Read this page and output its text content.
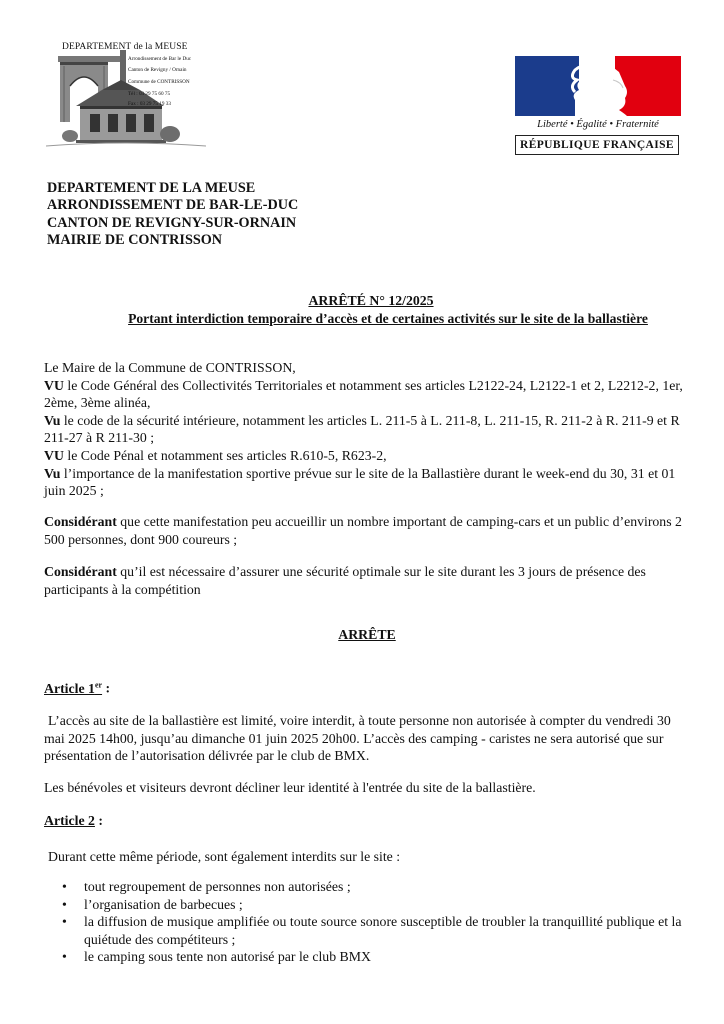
DEPARTEMENT de la MEUSE
Arrondissement de Bar le Duc
Canton de Revigny / Ornain
Commune de CONTRISSON
Tél : 03 29 75 60 75
Fax : 03 29 75 19 33
Liberté • Égalité • Fraternité
RÉPUBLIQUE FRANÇAISE
DEPARTEMENT DE LA MEUSE
ARRONDISSEMENT DE BAR-LE-DUC
CANTON DE REVIGNY-SUR-ORNAIN
MAIRIE DE CONTRISSON
ARRÊTÉ N° 12/2025
Portant interdiction temporaire d’accès et de certaines activités sur le site de la ballastière
Le Maire de la Commune de CONTRISSON,
VU le Code Général des Collectivités Territoriales et notamment ses articles L2122-24, L2122-1 et 2, L2212-2, 1er, 2ème, 3ème alinéa,
Vu le code de la sécurité intérieure, notamment les articles L. 211-5 à L. 211-8, L. 211-15, R. 211-2 à R. 211-9 et R 211-27 à R 211-30 ;
VU le Code Pénal et notamment ses articles R.610-5, R623-2,
Vu l’importance de la manifestation sportive prévue sur le site de la Ballastière durant le week-end du 30, 31 et 01 juin 2025 ;
Considérant que cette manifestation peu accueillir un nombre important de camping-cars et un public d’environs 2 500 personnes, dont 900 coureurs ;
Considérant qu’il est nécessaire d’assurer une sécurité optimale sur le site durant les 3 jours de présence des participants à la compétition
ARRÊTE
Article 1er :
L’accès au site de la ballastière est limité, voire interdit, à toute personne non autorisée à compter du vendredi 30 mai 2025 14h00, jusqu’au dimanche 01 juin 2025 20h00. L’accès des camping - caristes ne sera autorisé que sur présentation de l’autorisation délivrée par le club de BMX.
Les bénévoles et visiteurs devront décliner leur identité à l'entrée du site de la ballastière.
Article 2 :
Durant cette même période, sont également interdits sur le site :
• tout regroupement de personnes non autorisées ;
• l’organisation de barbecues ;
• la diffusion de musique amplifiée ou toute source sonore susceptible de troubler la tranquillité publique et la quiétude des compétiteurs ;
• le camping sous tente non autorisé par le club BMX
